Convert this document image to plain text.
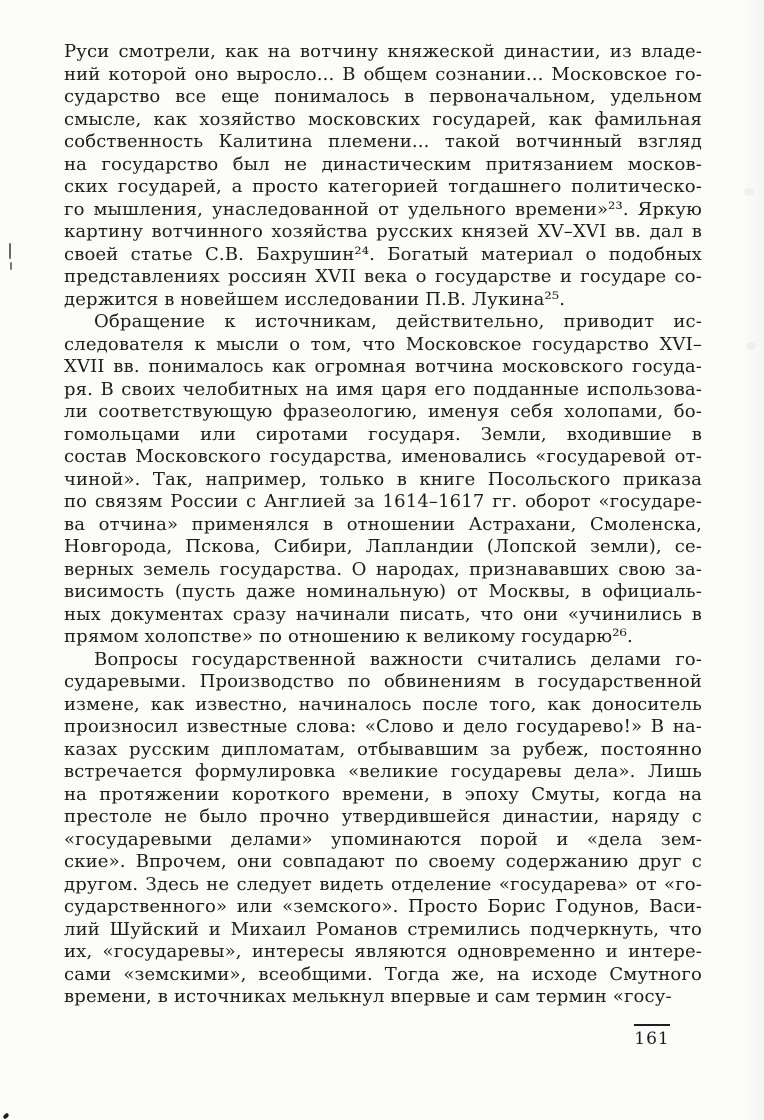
Руси смотрели, как на вотчину княжеской династии, из владе-
ний которой оно выросло... В общем сознании... Московское го-
сударство все еще понималось в первоначальном, удельном
смысле, как хозяйство московских государей, как фамильная
собственность Калитина племени... такой вотчинный взгляд
на государство был не династическим притязанием москов-
ских государей, а просто категорией тогдашнего политическо-
го мышления, унаследованной от удельного времени»²³. Яркую
картину вотчинного хозяйства русских князей XV–XVI вв. дал в
своей статье С.В. Бахрушин²⁴. Богатый материал о подобных
представлениях россиян XVII века о государстве и государе со-
держится в новейшем исследовании П.В. Лукина²⁵.
Обращение к источникам, действительно, приводит ис-
следователя к мысли о том, что Московское государство XVI–
XVII вв. понималось как огромная вотчина московского госуда-
ря. В своих челобитных на имя царя его подданные использова-
ли соответствующую фразеологию, именуя себя холопами, бо-
гомольцами или сиротами государя. Земли, входившие в
состав Московского государства, именовались «государевой от-
чиной». Так, например, только в книге Посольского приказа
по связям России с Англией за 1614–1617 гг. оборот «государе-
ва отчина» применялся в отношении Астрахани, Смоленска,
Новгорода, Пскова, Сибири, Лапландии (Лопской земли), се-
верных земель государства. О народах, признававших свою за-
висимость (пусть даже номинальную) от Москвы, в официаль-
ных документах сразу начинали писать, что они «учинились в
прямом холопстве» по отношению к великому государю²⁶.
Вопросы государственной важности считались делами го-
сударевыми. Производство по обвинениям в государственной
измене, как известно, начиналось после того, как доноситель
произносил известные слова: «Слово и дело государево!» В на-
казах русским дипломатам, отбывавшим за рубеж, постоянно
встречается формулировка «великие государевы дела». Лишь
на протяжении короткого времени, в эпоху Смуты, когда на
престоле не было прочно утвердившейся династии, наряду с
«государевыми делами» упоминаются порой и «дела зем-
ские». Впрочем, они совпадают по своему содержанию друг с
другом. Здесь не следует видеть отделение «государева» от «го-
сударственного» или «земского». Просто Борис Годунов, Васи-
лий Шуйский и Михаил Романов стремились подчеркнуть, что
их, «государевы», интересы являются одновременно и интере-
сами «земскими», всеобщими. Тогда же, на исходе Смутного
времени, в источниках мелькнул впервые и сам термин «госу-
161
